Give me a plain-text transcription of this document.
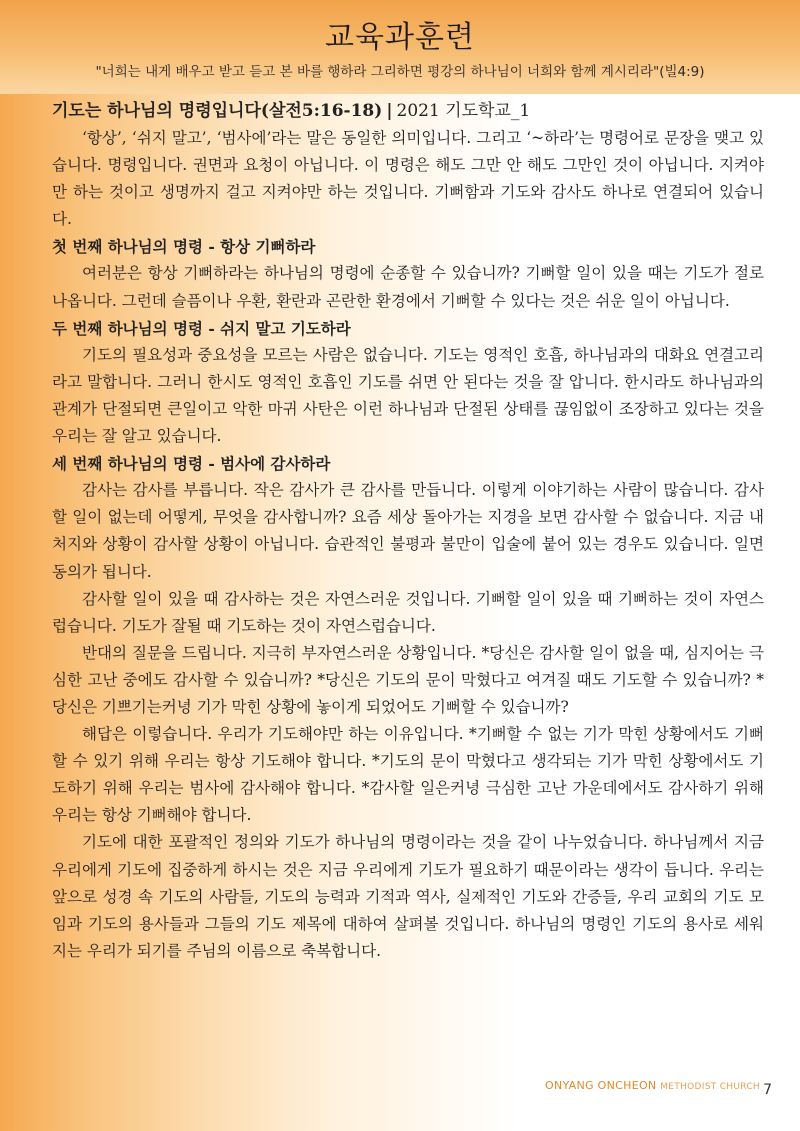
교육과훈련
"너희는 내게 배우고 받고 듣고 본 바를 행하라 그리하면 평강의 하나님이 너희와 함께 계시리라"(빌4:9)
기도는 하나님의 명령입니다(살전5:16-18) | 2021 기도학교_1

‘항상’, ‘쉬지 말고’, ‘범사에’라는 말은 동일한 의미입니다. 그리고 ‘~하라’는 명령어로 문장을 맺고 있습니다. 명령입니다. 권면과 요청이 아닙니다. 이 명령은 해도 그만 안 해도 그만인 것이 아닙니다. 지켜야만 하는 것이고 생명까지 걸고 지켜야만 하는 것입니다. 기뻐함과 기도와 감사도 하나로 연결되어 있습니다.

첫 번째 하나님의 명령 - 항상 기뻐하라

여러분은 항상 기뻐하라는 하나님의 명령에 순종할 수 있습니까? 기뻐할 일이 있을 때는 기도가 절로 나옵니다. 그런데 슬픔이나 우환, 환란과 곤란한 환경에서 기뻐할 수 있다는 것은 쉬운 일이 아닙니다.

두 번째 하나님의 명령 - 쉬지 말고 기도하라

기도의 필요성과 중요성을 모르는 사람은 없습니다. 기도는 영적인 호흡, 하나님과의 대화요 연결고리라고 말합니다. 그러니 한시도 영적인 호흡인 기도를 쉬면 안 된다는 것을 잘 압니다. 한시라도 하나님과의 관계가 단절되면 큰일이고 악한 마귀 사탄은 이런 하나님과 단절된 상태를 끊임없이 조장하고 있다는 것을 우리는 잘 알고 있습니다.

세 번째 하나님의 명령 - 범사에 감사하라

감사는 감사를 부릅니다. 작은 감사가 큰 감사를 만듭니다. 이렇게 이야기하는 사람이 많습니다. 감사할 일이 없는데 어떻게, 무엇을 감사합니까? 요즘 세상 돌아가는 지경을 보면 감사할 수 없습니다. 지금 내 처지와 상황이 감사할 상황이 아닙니다. 습관적인 불평과 불만이 입술에 붙어 있는 경우도 있습니다. 일면 동의가 됩니다.

감사할 일이 있을 때 감사하는 것은 자연스러운 것입니다. 기뻐할 일이 있을 때 기뻐하는 것이 자연스럽습니다. 기도가 잘될 때 기도하는 것이 자연스럽습니다.

반대의 질문을 드립니다. 지극히 부자연스러운 상황입니다. *당신은 감사할 일이 없을 때, 심지어는 극심한 고난 중에도 감사할 수 있습니까? *당신은 기도의 문이 막혔다고 여겨질 때도 기도할 수 있습니까? *당신은 기쁘기는커녕 기가 막힌 상황에 놓이게 되었어도 기뻐할 수 있습니까?

해답은 이렇습니다. 우리가 기도해야만 하는 이유입니다. *기뻐할 수 없는 기가 막힌 상황에서도 기뻐할 수 있기 위해 우리는 항상 기도해야 합니다. *기도의 문이 막혔다고 생각되는 기가 막힌 상황에서도 기도하기 위해 우리는 범사에 감사해야 합니다. *감사할 일은커녕 극심한 고난 가운데에서도 감사하기 위해 우리는 항상 기뻐해야 합니다.

기도에 대한 포괄적인 정의와 기도가 하나님의 명령이라는 것을 같이 나누었습니다. 하나님께서 지금 우리에게 기도에 집중하게 하시는 것은 지금 우리에게 기도가 필요하기 때문이라는 생각이 듭니다. 우리는 앞으로 성경 속 기도의 사람들, 기도의 능력과 기적과 역사, 실제적인 기도와 간증들, 우리 교회의 기도 모임과 기도의 용사들과 그들의 기도 제목에 대하여 살펴볼 것입니다. 하나님의 명령인 기도의 용사로 세워지는 우리가 되기를 주님의 이름으로 축복합니다.

ONYANG ONCHEON METHODIST CHURCH 7
